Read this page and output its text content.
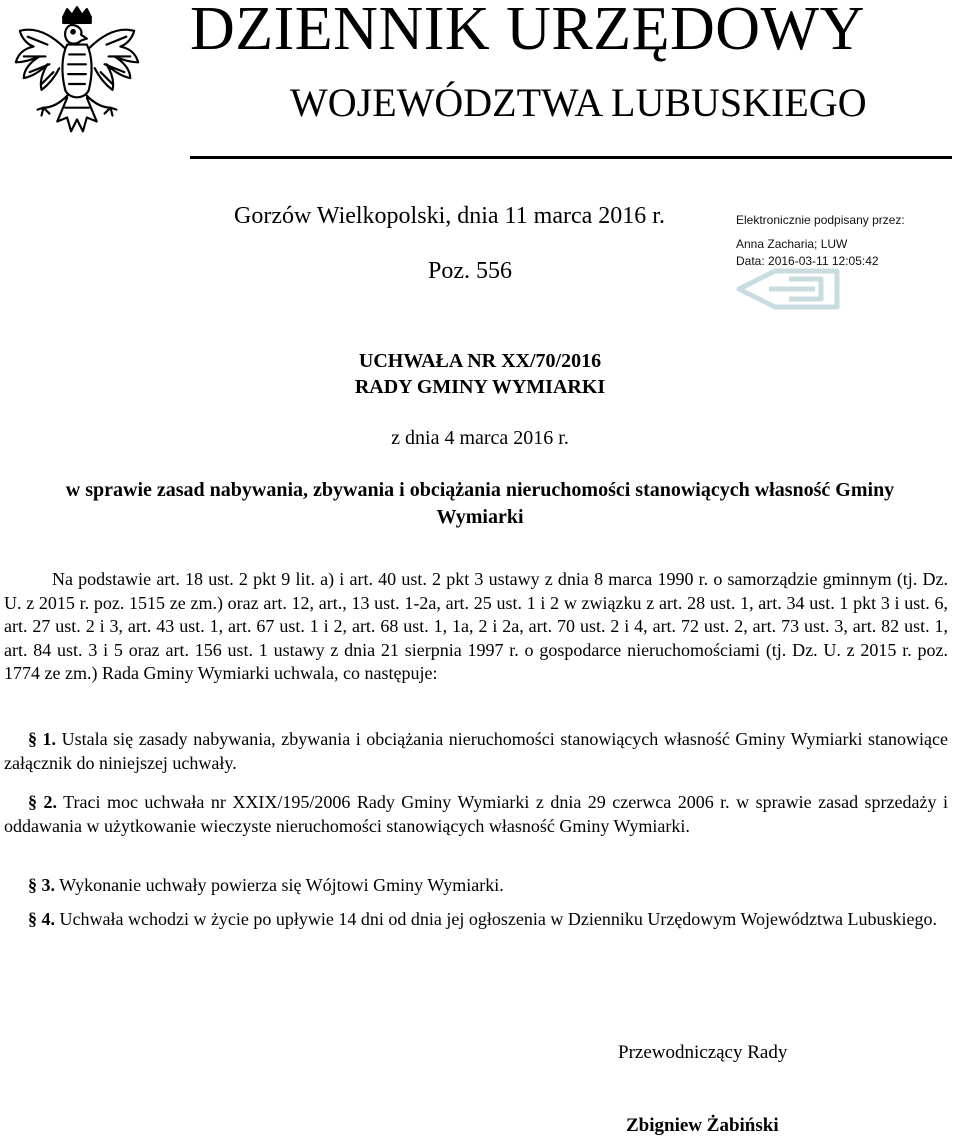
DZIENNIK URZĘDOWY
WOJEWÓDZTWA LUBUSKIEGO
Gorzów Wielkopolski, dnia 11 marca 2016 r.
Poz. 556
Elektronicznie podpisany przez:
Anna Zacharia; LUW
Data: 2016-03-11 12:05:42
UCHWAŁA NR XX/70/2016
RADY GMINY WYMIARKI
z dnia 4 marca 2016 r.
w sprawie zasad nabywania, zbywania i obciążania nieruchomości stanowiących własność Gminy Wymiarki
Na podstawie art. 18 ust. 2 pkt 9 lit. a) i art. 40 ust. 2 pkt 3 ustawy z dnia 8 marca 1990 r. o samorządzie gminnym (tj. Dz. U. z 2015 r. poz. 1515 ze zm.) oraz art. 12, art., 13 ust. 1-2a, art. 25 ust. 1 i 2 w związku z art. 28 ust. 1, art. 34 ust. 1 pkt 3 i ust. 6, art. 27 ust. 2 i 3, art. 43 ust. 1, art. 67 ust. 1 i 2, art. 68 ust. 1, 1a, 2 i 2a, art. 70 ust. 2 i 4, art. 72 ust. 2, art. 73 ust. 3, art. 82 ust. 1, art. 84 ust. 3 i 5 oraz art. 156 ust. 1 ustawy z dnia 21 sierpnia 1997 r. o gospodarce nieruchomościami (tj. Dz. U. z 2015 r. poz. 1774 ze zm.) Rada Gminy Wymiarki uchwala, co następuje:
§ 1. Ustala się zasady nabywania, zbywania i obciążania nieruchomości stanowiących własność Gminy Wymiarki stanowiące załącznik do niniejszej uchwały.
§ 2. Traci moc uchwała nr XXIX/195/2006 Rady Gminy Wymiarki z dnia 29 czerwca 2006 r. w sprawie zasad sprzedaży i oddawania w użytkowanie wieczyste nieruchomości stanowiących własność Gminy Wymiarki.
§ 3. Wykonanie uchwały powierza się Wójtowi Gminy Wymiarki.
§ 4. Uchwała wchodzi w życie po upływie 14 dni od dnia jej ogłoszenia w Dzienniku Urzędowym Województwa Lubuskiego.
Przewodniczący Rady
Zbigniew Żabiński
